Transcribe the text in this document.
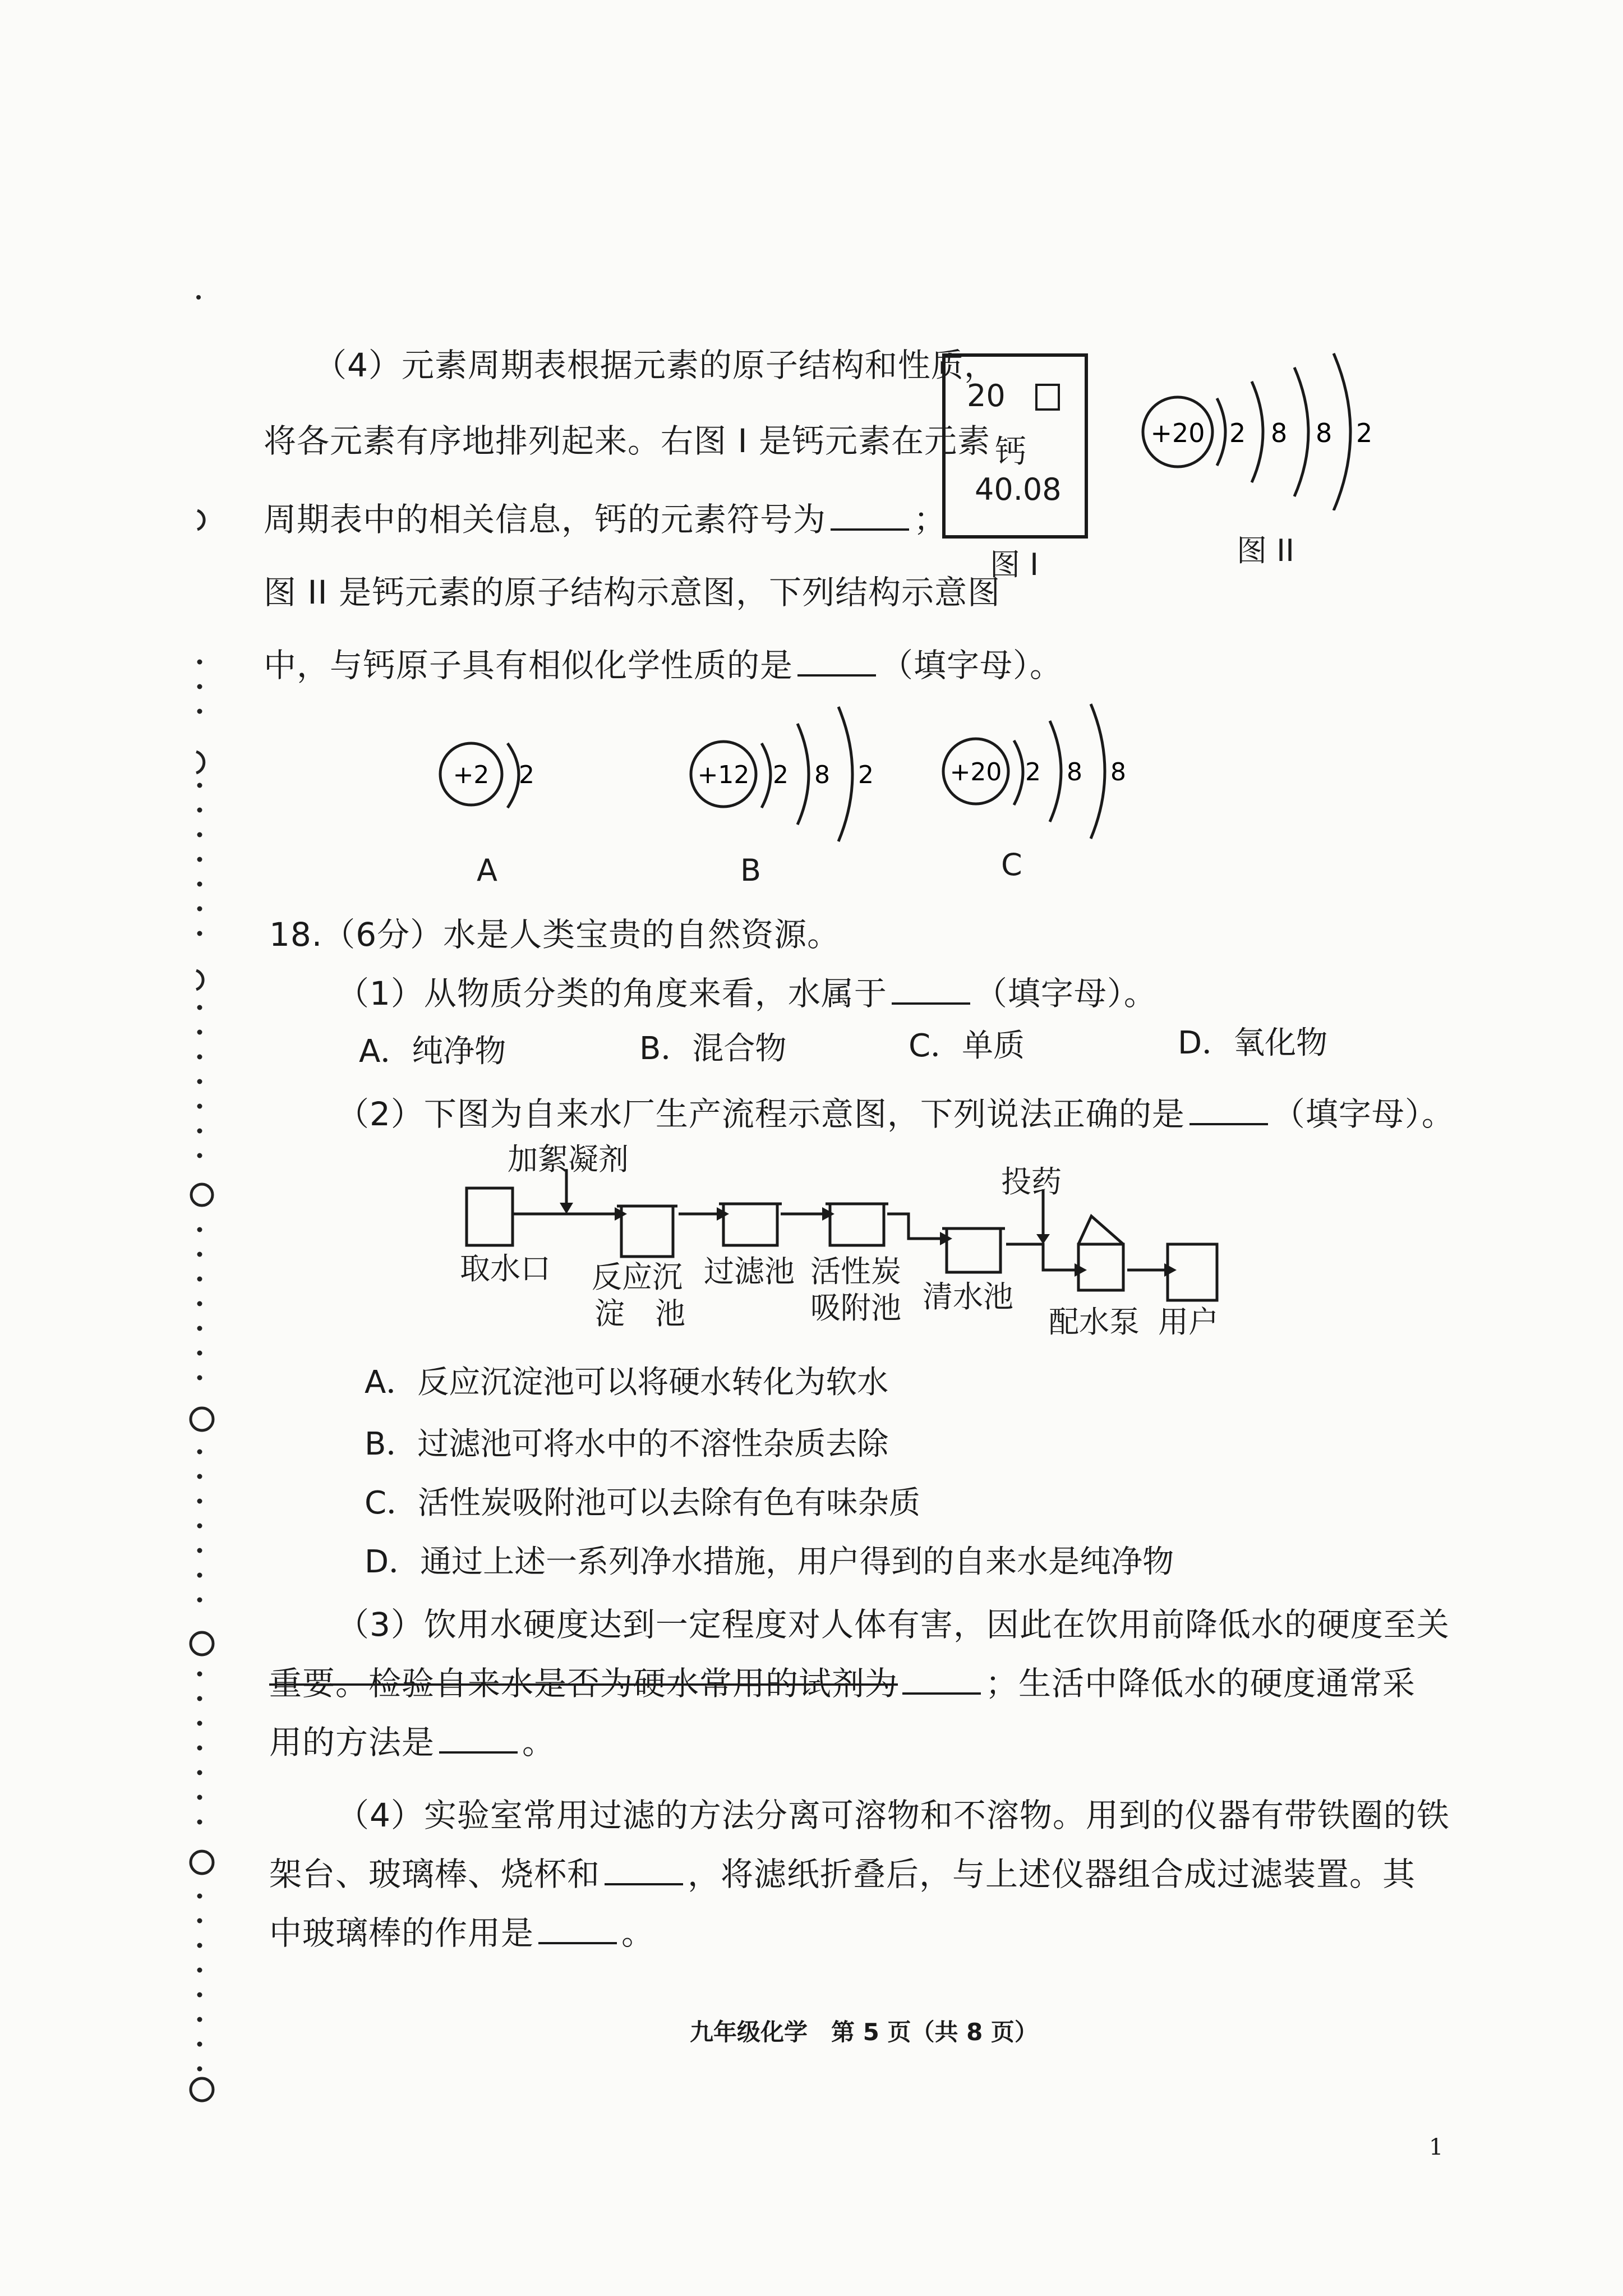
（4）元素周期表根据元素的原子结构和性质，
将各元素有序地排列起来。右图 I 是钙元素在元素
周期表中的相关信息，钙的元素符号为	；
图 II 是钙元素的原子结构示意图，下列结构示意图
中，与钙原子具有相似化学性质的是	（填字母）。
20
钙
40.08
图 I
+20 2 8 8 2
图 II
+2 2
A
+12 2 8 2
B
+20 2 8 8
C
18.（6分）水是人类宝贵的自然资源。
（1）从物质分类的角度来看，水属于	（填字母）。
A．纯净物	B．混合物	C．单质	D．氧化物
（2）下图为自来水厂生产流程示意图，下列说法正确的是	（填字母）。
加絮凝剂
投药
取水口 反应沉
淀　池
过滤池 活性炭
吸附池 清水池
配水泵 用户
A．反应沉淀池可以将硬水转化为软水
B．过滤池可将水中的不溶性杂质去除
C．活性炭吸附池可以去除有色有味杂质
D．通过上述一系列净水措施，用户得到的自来水是纯净物
（3）饮用水硬度达到一定程度对人体有害，因此在饮用前降低水的硬度至关
重要。检验自来水是否为硬水常用的试剂为	；生活中降低水的硬度通常采
用的方法是	。
（4）实验室常用过滤的方法分离可溶物和不溶物。用到的仪器有带铁圈的铁
架台、玻璃棒、烧杯和	，将滤纸折叠后，与上述仪器组合成过滤装置。其
中玻璃棒的作用是	。
九年级化学　第 5 页（共 8 页）
1
